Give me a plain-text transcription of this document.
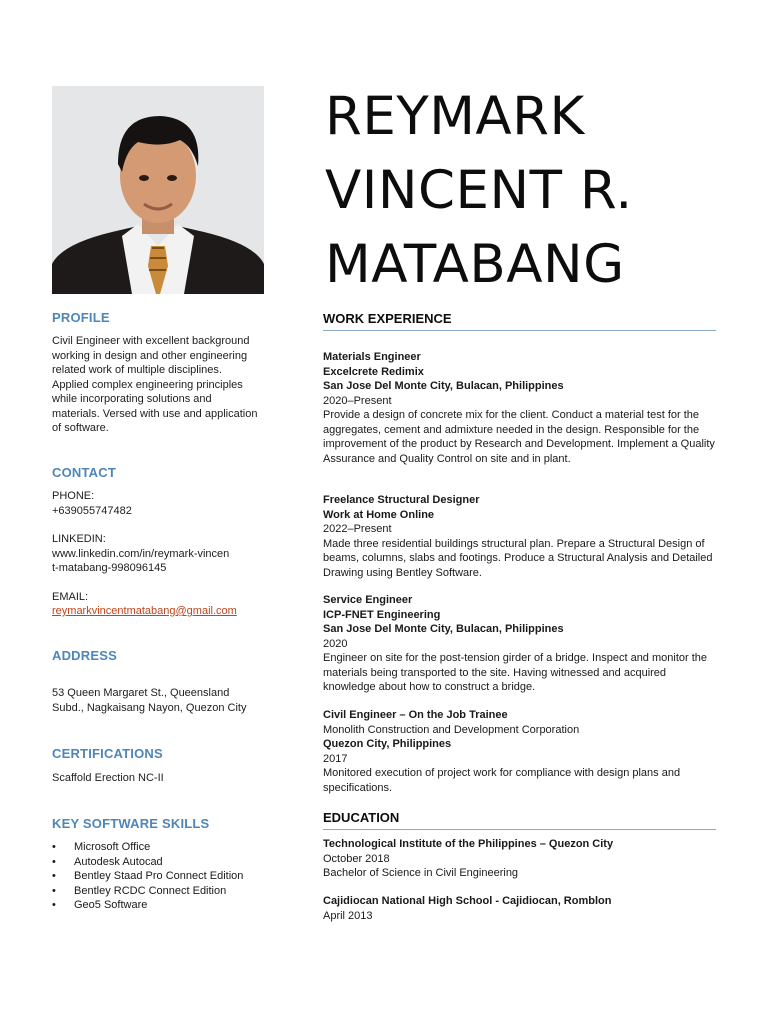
REYMARK
VINCENT R.
MATABANG
PROFILE
Civil Engineer with excellent background working in design and other engineering related work of multiple disciplines. Applied complex engineering principles while incorporating solutions and materials. Versed with use and application of software.
CONTACT
PHONE:
+639055747482
LINKEDIN:
www.linkedin.com/in/reymark-vincent-matabang-998096145
EMAIL:
reymarkvincentmatabang@gmail.com
ADDRESS
53 Queen Margaret St., Queensland Subd., Nagkaisang Nayon, Quezon City
CERTIFICATIONS
Scaffold Erection NC-II
KEY SOFTWARE SKILLS
• Microsoft Office
• Autodesk Autocad
• Bentley Staad Pro Connect Edition
• Bentley RCDC Connect Edition
• Geo5 Software
WORK EXPERIENCE
Materials Engineer
Excelcrete Redimix
San Jose Del Monte City, Bulacan, Philippines
2020–Present
Provide a design of concrete mix for the client. Conduct a material test for the aggregates, cement and admixture needed in the design. Responsible for the improvement of the product by Research and Development. Implement a Quality Assurance and Quality Control on site and in plant.
Freelance Structural Designer
Work at Home Online
2022–Present
Made three residential buildings structural plan. Prepare a Structural Design of beams, columns, slabs and footings. Produce a Structural Analysis and Detailed Drawing using Bentley Software.
Service Engineer
ICP-FNET Engineering
San Jose Del Monte City, Bulacan, Philippines
2020
Engineer on site for the post-tension girder of a bridge. Inspect and monitor the materials being transported to the site. Having witnessed and acquired knowledge about how to construct a bridge.
Civil Engineer – On the Job Trainee
Monolith Construction and Development Corporation
Quezon City, Philippines
2017
Monitored execution of project work for compliance with design plans and specifications.
EDUCATION
Technological Institute of the Philippines – Quezon City
October 2018
Bachelor of Science in Civil Engineering
Cajidiocan National High School - Cajidiocan, Romblon
April 2013
